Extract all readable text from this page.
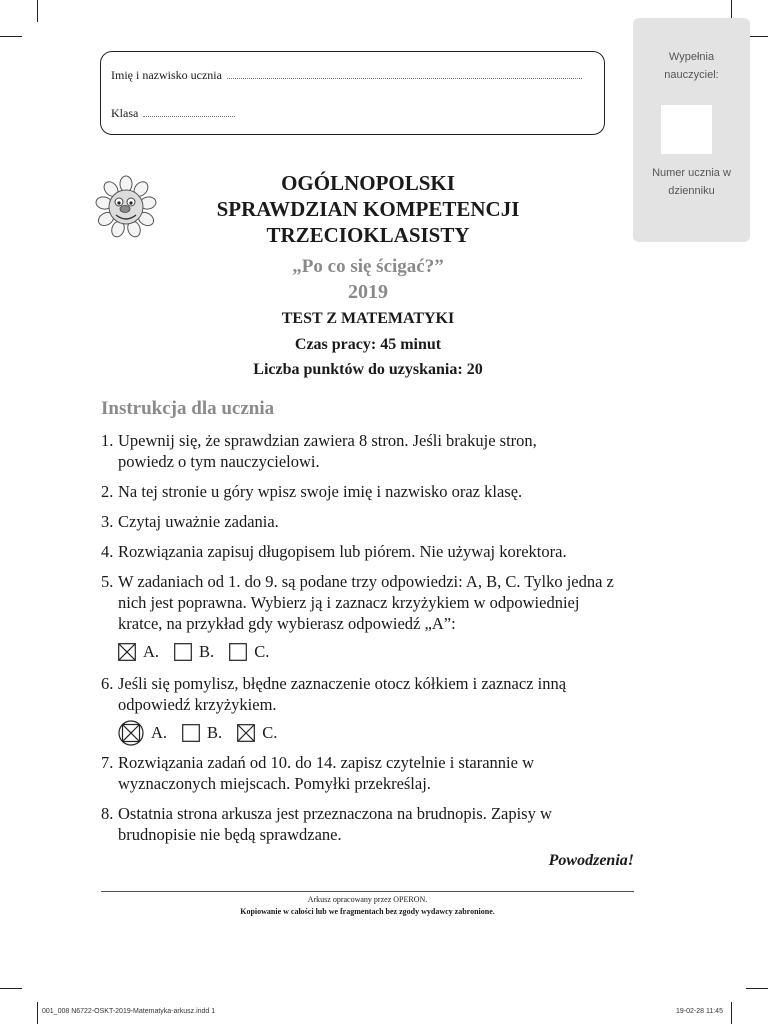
Imię i nazwisko ucznia
Klasa
Wypełnia nauczyciel:
Numer ucznia w dzienniku
OGÓLNOPOLSKI
SPRAWDZIAN KOMPETENCJI
TRZECIOKLASISTY
„Po co się ścigać?”
2019
TEST Z MATEMATYKI
Czas pracy: 45 minut
Liczba punktów do uzyskania: 20
Instrukcja dla ucznia
1. Upewnij się, że sprawdzian zawiera 8 stron. Jeśli brakuje stron, powiedz o tym nauczycielowi.
2. Na tej stronie u góry wpisz swoje imię i nazwisko oraz klasę.
3. Czytaj uważnie zadania.
4. Rozwiązania zapisuj długopisem lub piórem. Nie używaj korektora.
5. W zadaniach od 1. do 9. są podane trzy odpowiedzi: A, B, C. Tylko jedna z nich jest poprawna. Wybierz ją i zaznacz krzyżykiem w odpowiedniej kratce, na przykład gdy wybierasz odpowiedź „A”:
A. B. C.
6. Jeśli się pomylisz, błędne zaznaczenie otocz kółkiem i zaznacz inną odpowiedź krzyżykiem.
A. B. C.
7. Rozwiązania zadań od 10. do 14. zapisz czytelnie i starannie w wyznaczonych miejscach. Pomyłki przekreślaj.
8. Ostatnia strona arkusza jest przeznaczona na brudnopis. Zapisy w brudnopisie nie będą sprawdzane.
Powodzenia!
Arkusz opracowany przez OPERON.
Kopiowanie w całości lub we fragmentach bez zgody wydawcy zabronione.
001_008 N6722-OSKT-2019-Matematyka-arkusz.indd 1	19-02-28 11:45
